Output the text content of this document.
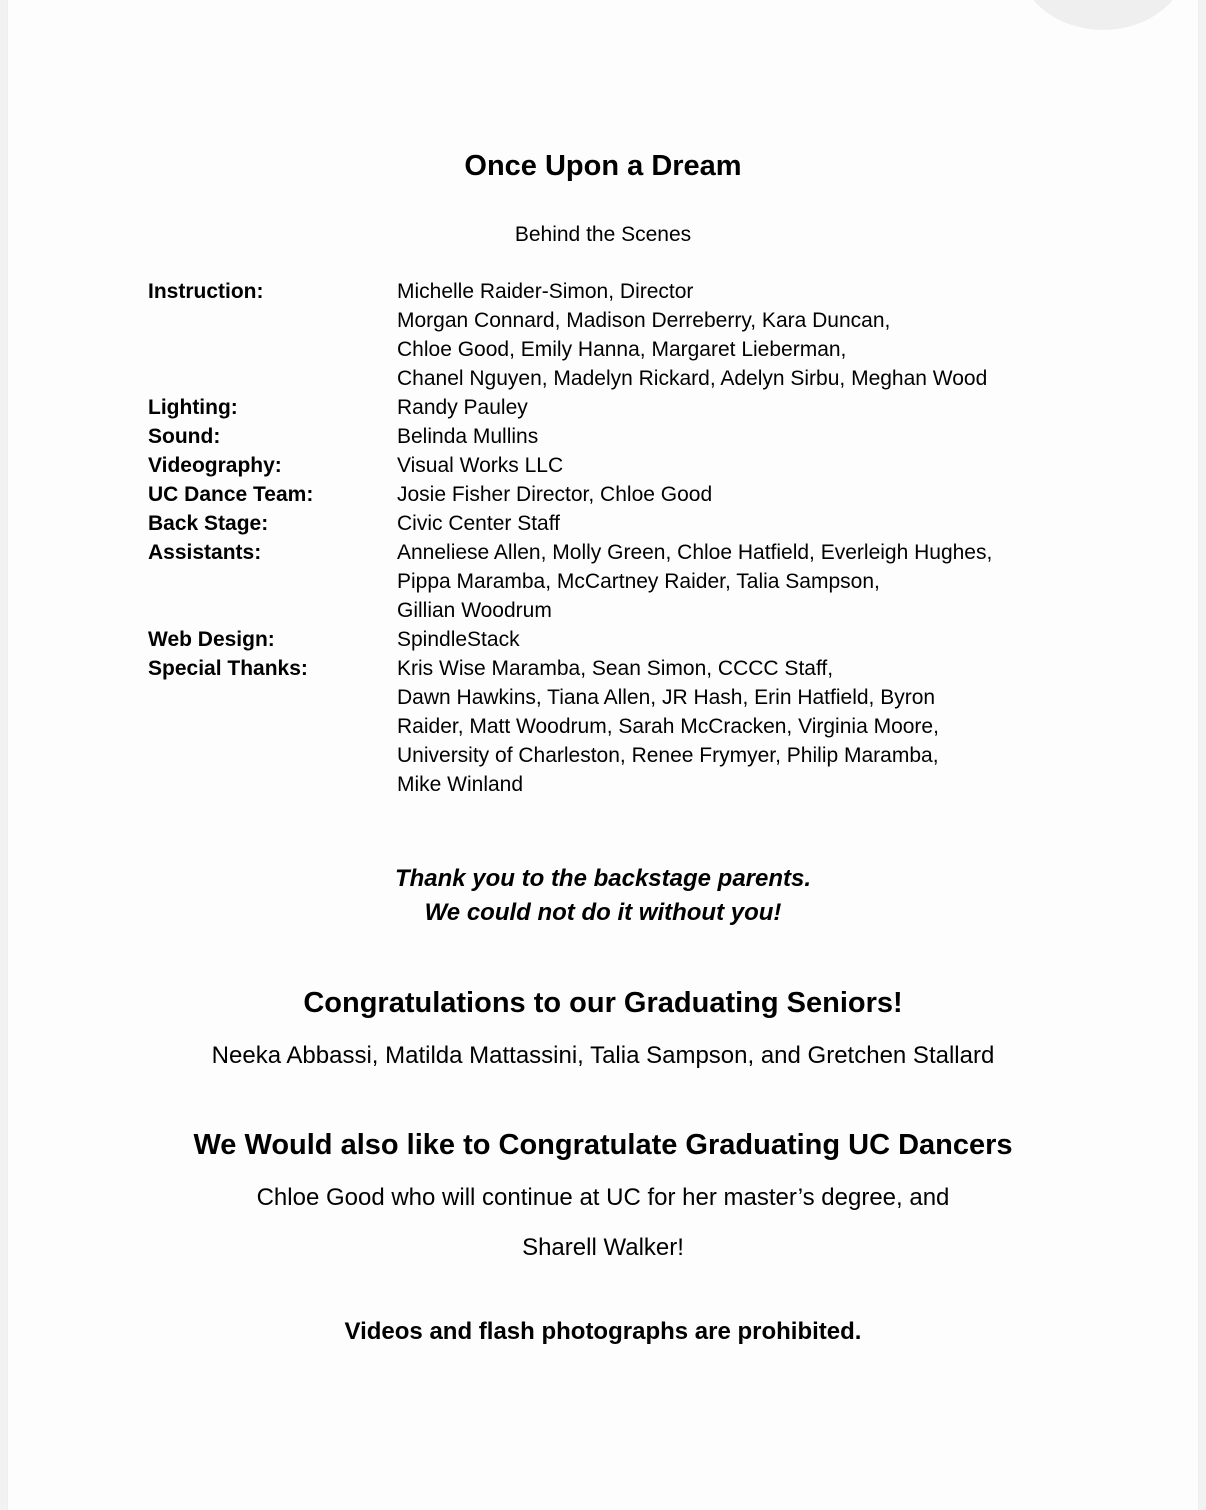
Once Upon a Dream
Behind the Scenes
Instruction:	Michelle Raider-Simon, Director
Morgan Connard, Madison Derreberry, Kara Duncan,
Chloe Good, Emily Hanna, Margaret Lieberman,
Chanel Nguyen, Madelyn Rickard, Adelyn Sirbu, Meghan Wood
Lighting:	Randy Pauley
Sound:	Belinda Mullins
Videography:	Visual Works LLC
UC Dance Team:	Josie Fisher Director, Chloe Good
Back Stage:	Civic Center Staff
Assistants:	Anneliese Allen, Molly Green, Chloe Hatfield, Everleigh Hughes,
Pippa Maramba, McCartney Raider, Talia Sampson,
Gillian Woodrum
Web Design:	SpindleStack
Special Thanks:	Kris Wise Maramba, Sean Simon, CCCC Staff,
Dawn Hawkins, Tiana Allen, JR Hash, Erin Hatfield, Byron
Raider, Matt Woodrum, Sarah McCracken, Virginia Moore,
University of Charleston, Renee Frymyer, Philip Maramba,
Mike Winland
Thank you to the backstage parents.
We could not do it without you!
Congratulations to our Graduating Seniors!
Neeka Abbassi, Matilda Mattassini, Talia Sampson, and Gretchen Stallard
We Would also like to Congratulate Graduating UC Dancers
Chloe Good who will continue at UC for her master’s degree, and
Sharell Walker!
Videos and flash photographs are prohibited.
